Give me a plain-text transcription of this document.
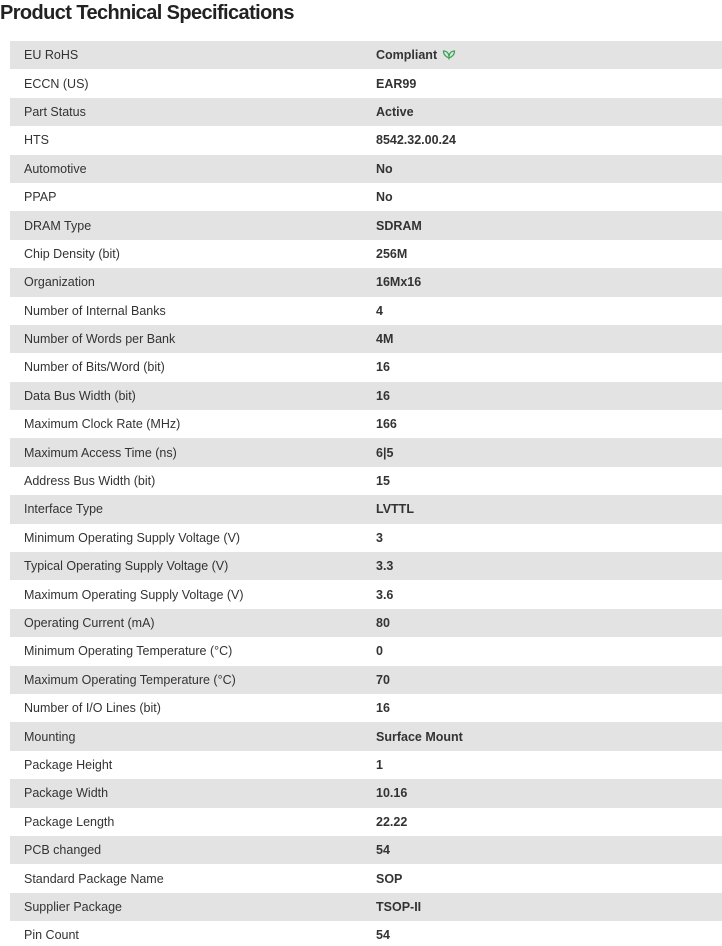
Product Technical Specifications
EU RoHS	Compliant
ECCN (US)	EAR99
Part Status	Active
HTS	8542.32.00.24
Automotive	No
PPAP	No
DRAM Type	SDRAM
Chip Density (bit)	256M
Organization	16Mx16
Number of Internal Banks	4
Number of Words per Bank	4M
Number of Bits/Word (bit)	16
Data Bus Width (bit)	16
Maximum Clock Rate (MHz)	166
Maximum Access Time (ns)	6|5
Address Bus Width (bit)	15
Interface Type	LVTTL
Minimum Operating Supply Voltage (V)	3
Typical Operating Supply Voltage (V)	3.3
Maximum Operating Supply Voltage (V)	3.6
Operating Current (mA)	80
Minimum Operating Temperature (°C)	0
Maximum Operating Temperature (°C)	70
Number of I/O Lines (bit)	16
Mounting	Surface Mount
Package Height	1
Package Width	10.16
Package Length	22.22
PCB changed	54
Standard Package Name	SOP
Supplier Package	TSOP-II
Pin Count	54
